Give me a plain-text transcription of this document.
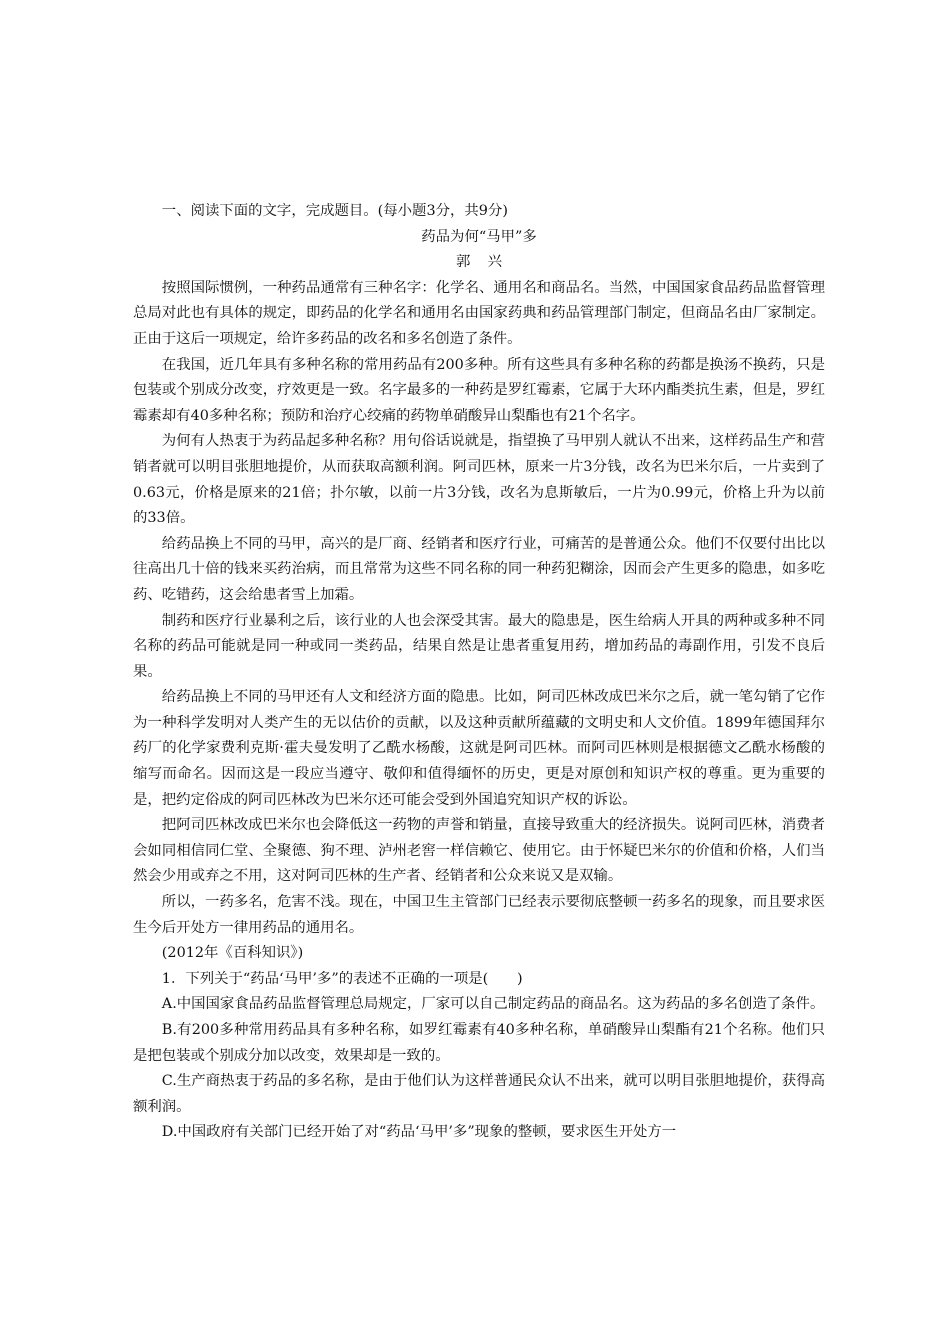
一、阅读下面的文字，完成题目。(每小题3分，共9分)

药品为何“马甲”多

郭兴

按照国际惯例，一种药品通常有三种名字：化学名、通用名和商品名。当然，中国国家食品药品监督管理总局对此也有具体的规定，即药品的化学名和通用名由国家药典和药品管理部门制定，但商品名由厂家制定。正由于这后一项规定，给许多药品的改名和多名创造了条件。

在我国，近几年具有多种名称的常用药品有200多种。所有这些具有多种名称的药都是换汤不换药，只是包装或个别成分改变，疗效更是一致。名字最多的一种药是罗红霉素，它属于大环内酯类抗生素，但是，罗红霉素却有40多种名称；预防和治疗心绞痛的药物单硝酸异山梨酯也有21个名字。

为何有人热衷于为药品起多种名称？用句俗话说就是，指望换了马甲别人就认不出来，这样药品生产和营销者就可以明目张胆地提价，从而获取高额利润。阿司匹林，原来一片3分钱，改名为巴米尔后，一片卖到了0.63元，价格是原来的21倍；扑尔敏，以前一片3分钱，改名为息斯敏后，一片为0.99元，价格上升为以前的33倍。

给药品换上不同的马甲，高兴的是厂商、经销者和医疗行业，可痛苦的是普通公众。他们不仅要付出比以往高出几十倍的钱来买药治病，而且常常为这些不同名称的同一种药犯糊涂，因而会产生更多的隐患，如多吃药、吃错药，这会给患者雪上加霜。

制药和医疗行业暴利之后，该行业的人也会深受其害。最大的隐患是，医生给病人开具的两种或多种不同名称的药品可能就是同一种或同一类药品，结果自然是让患者重复用药，增加药品的毒副作用，引发不良后果。

给药品换上不同的马甲还有人文和经济方面的隐患。比如，阿司匹林改成巴米尔之后，就一笔勾销了它作为一种科学发明对人类产生的无以估价的贡献，以及这种贡献所蕴藏的文明史和人文价值。1899年德国拜尔药厂的化学家费利克斯·霍夫曼发明了乙酰水杨酸，这就是阿司匹林。而阿司匹林则是根据德文乙酰水杨酸的缩写而命名。因而这是一段应当遵守、敬仰和值得缅怀的历史，更是对原创和知识产权的尊重。更为重要的是，把约定俗成的阿司匹林改为巴米尔还可能会受到外国追究知识产权的诉讼。

把阿司匹林改成巴米尔也会降低这一药物的声誉和销量，直接导致重大的经济损失。说阿司匹林，消费者会如同相信同仁堂、全聚德、狗不理、泸州老窖一样信赖它、使用它。由于怀疑巴米尔的价值和价格，人们当然会少用或弃之不用，这对阿司匹林的生产者、经销者和公众来说又是双输。

所以，一药多名，危害不浅。现在，中国卫生主管部门已经表示要彻底整顿一药多名的现象，而且要求医生今后开处方一律用药品的通用名。

(2012年《百科知识》)

1．下列关于“药品‘马甲’多”的表述不正确的一项是(　　)

A.中国国家食品药品监督管理总局规定，厂家可以自己制定药品的商品名。这为药品的多名创造了条件。

B.有200多种常用药品具有多种名称，如罗红霉素有40多种名称，单硝酸异山梨酯有21个名称。他们只是把包装或个别成分加以改变，效果却是一致的。

C.生产商热衷于药品的多名称，是由于他们认为这样普通民众认不出来，就可以明目张胆地提价，获得高额利润。

D.中国政府有关部门已经开始了对“药品‘马甲’多”现象的整顿，要求医生开处方一
